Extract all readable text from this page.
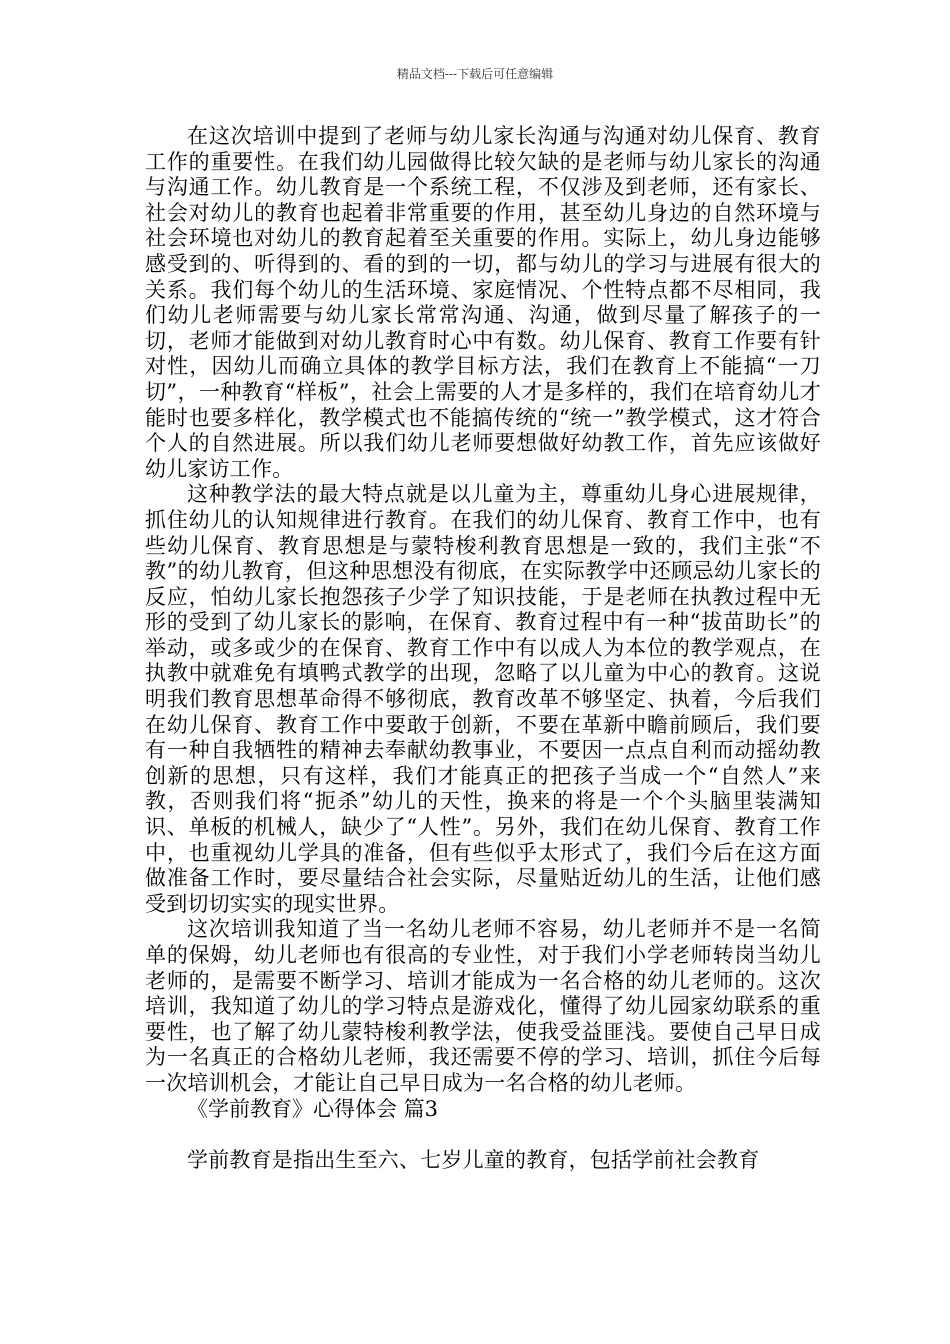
精品文档---下载后可任意编辑

在这次培训中提到了老师与幼儿家长沟通与沟通对幼儿保育、教育工作的重要性。在我们幼儿园做得比较欠缺的是老师与幼儿家长的沟通与沟通工作。幼儿教育是一个系统工程，不仅涉及到老师，还有家长、社会对幼儿的教育也起着非常重要的作用，甚至幼儿身边的自然环境与社会环境也对幼儿的教育起着至关重要的作用。实际上，幼儿身边能够感受到的、听得到的、看的到的一切，都与幼儿的学习与进展有很大的关系。我们每个幼儿的生活环境、家庭情况、个性特点都不尽相同，我们幼儿老师需要与幼儿家长常常沟通、沟通，做到尽量了解孩子的一切，老师才能做到对幼儿教育时心中有数。幼儿保育、教育工作要有针对性，因幼儿而确立具体的教学目标方法，我们在教育上不能搞“一刀切”，一种教育“样板”，社会上需要的人才是多样的，我们在培育幼儿才能时也要多样化，教学模式也不能搞传统的“统一”教学模式，这才符合个人的自然进展。所以我们幼儿老师要想做好幼教工作，首先应该做好幼儿家访工作。

这种教学法的最大特点就是以儿童为主，尊重幼儿身心进展规律，抓住幼儿的认知规律进行教育。在我们的幼儿保育、教育工作中，也有些幼儿保育、教育思想是与蒙特梭利教育思想是一致的，我们主张“不教”的幼儿教育，但这种思想没有彻底，在实际教学中还顾忌幼儿家长的反应，怕幼儿家长抱怨孩子少学了知识技能，于是老师在执教过程中无形的受到了幼儿家长的影响，在保育、教育过程中有一种“拔苗助长”的举动，或多或少的在保育、教育工作中有以成人为本位的教学观点，在执教中就难免有填鸭式教学的出现，忽略了以儿童为中心的教育。这说明我们教育思想革命得不够彻底，教育改革不够坚定、执着，今后我们在幼儿保育、教育工作中要敢于创新，不要在革新中瞻前顾后，我们要有一种自我牺牲的精神去奉献幼教事业，不要因一点点自利而动摇幼教创新的思想，只有这样，我们才能真正的把孩子当成一个“自然人”来教，否则我们将“扼杀”幼儿的天性，换来的将是一个个头脑里装满知识、单板的机械人，缺少了“人性”。另外，我们在幼儿保育、教育工作中，也重视幼儿学具的准备，但有些似乎太形式了，我们今后在这方面做准备工作时，要尽量结合社会实际，尽量贴近幼儿的生活，让他们感受到切切实实的现实世界。

这次培训我知道了当一名幼儿老师不容易，幼儿老师并不是一名简单的保姆，幼儿老师也有很高的专业性，对于我们小学老师转岗当幼儿老师的，是需要不断学习、培训才能成为一名合格的幼儿老师的。这次培训，我知道了幼儿的学习特点是游戏化，懂得了幼儿园家幼联系的重要性，也了解了幼儿蒙特梭利教学法，使我受益匪浅。要使自己早日成为一名真正的合格幼儿老师，我还需要不停的学习、培训，抓住今后每一次培训机会，才能让自己早日成为一名合格的幼儿老师。

《学前教育》心得体会 篇3

学前教育是指出生至六、七岁儿童的教育，包括学前社会教育
